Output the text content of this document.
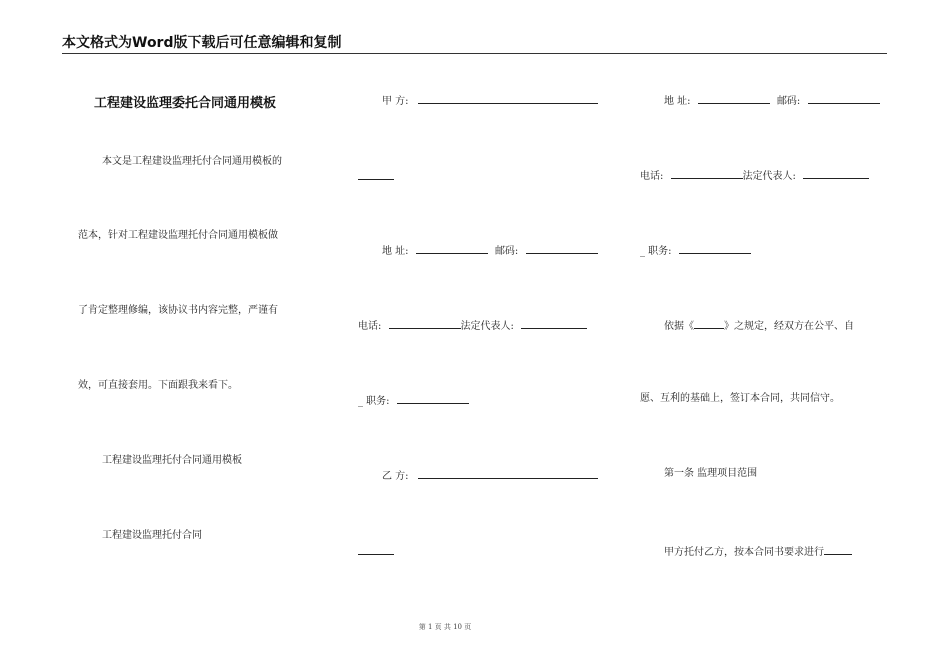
本文格式为Word版下载后可任意编辑和复制
工程建设监理委托合同通用模板
本文是工程建设监理托付合同通用模板的
范本，针对工程建设监理托付合同通用模板做
了肯定整理修编，该协议书内容完整，严谨有
效，可直接套用。下面跟我来看下。
工程建设监理托付合同通用模板
工程建设监理托付合同
甲 方:
地 址:	邮码:
电话:	法定代表人:
_ 职务:
乙 方:
地 址:	邮码:
电话:	法定代表人:
_ 职务:
依据《	》之规定，经双方在公平、自
愿、互利的基础上，签订本合同，共同信守。
第一条 监理项目范围
甲方托付乙方，按本合同书要求进行
第 1 页 共 10 页
